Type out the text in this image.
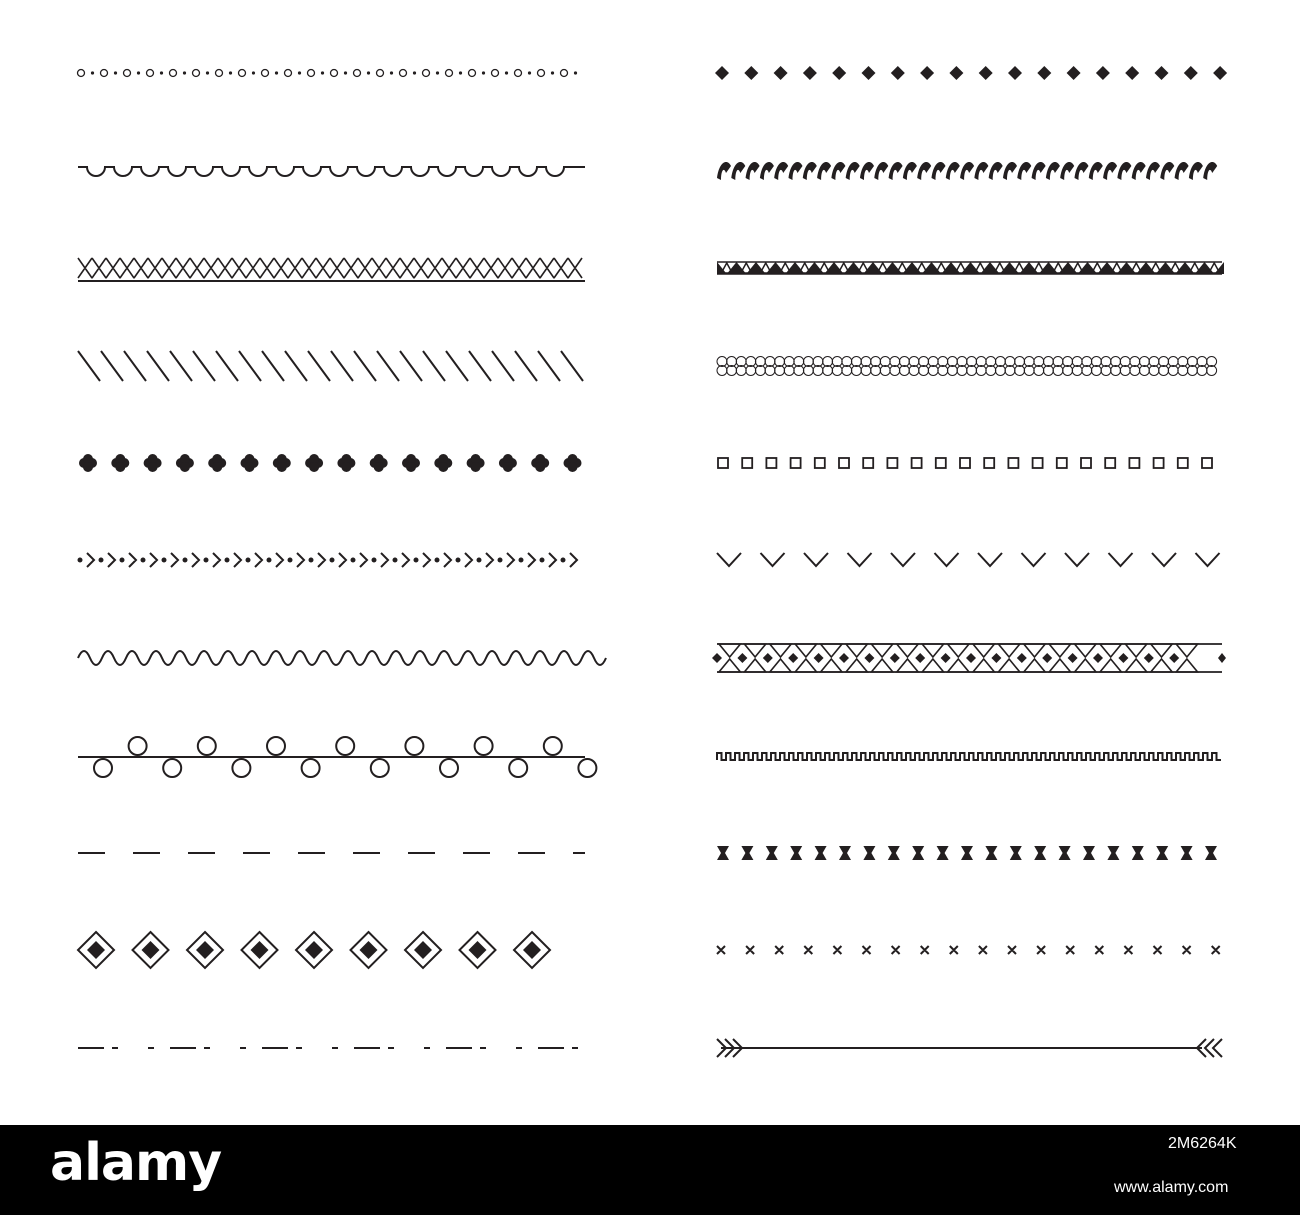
alamy	2M6264K
www.alamy.com
